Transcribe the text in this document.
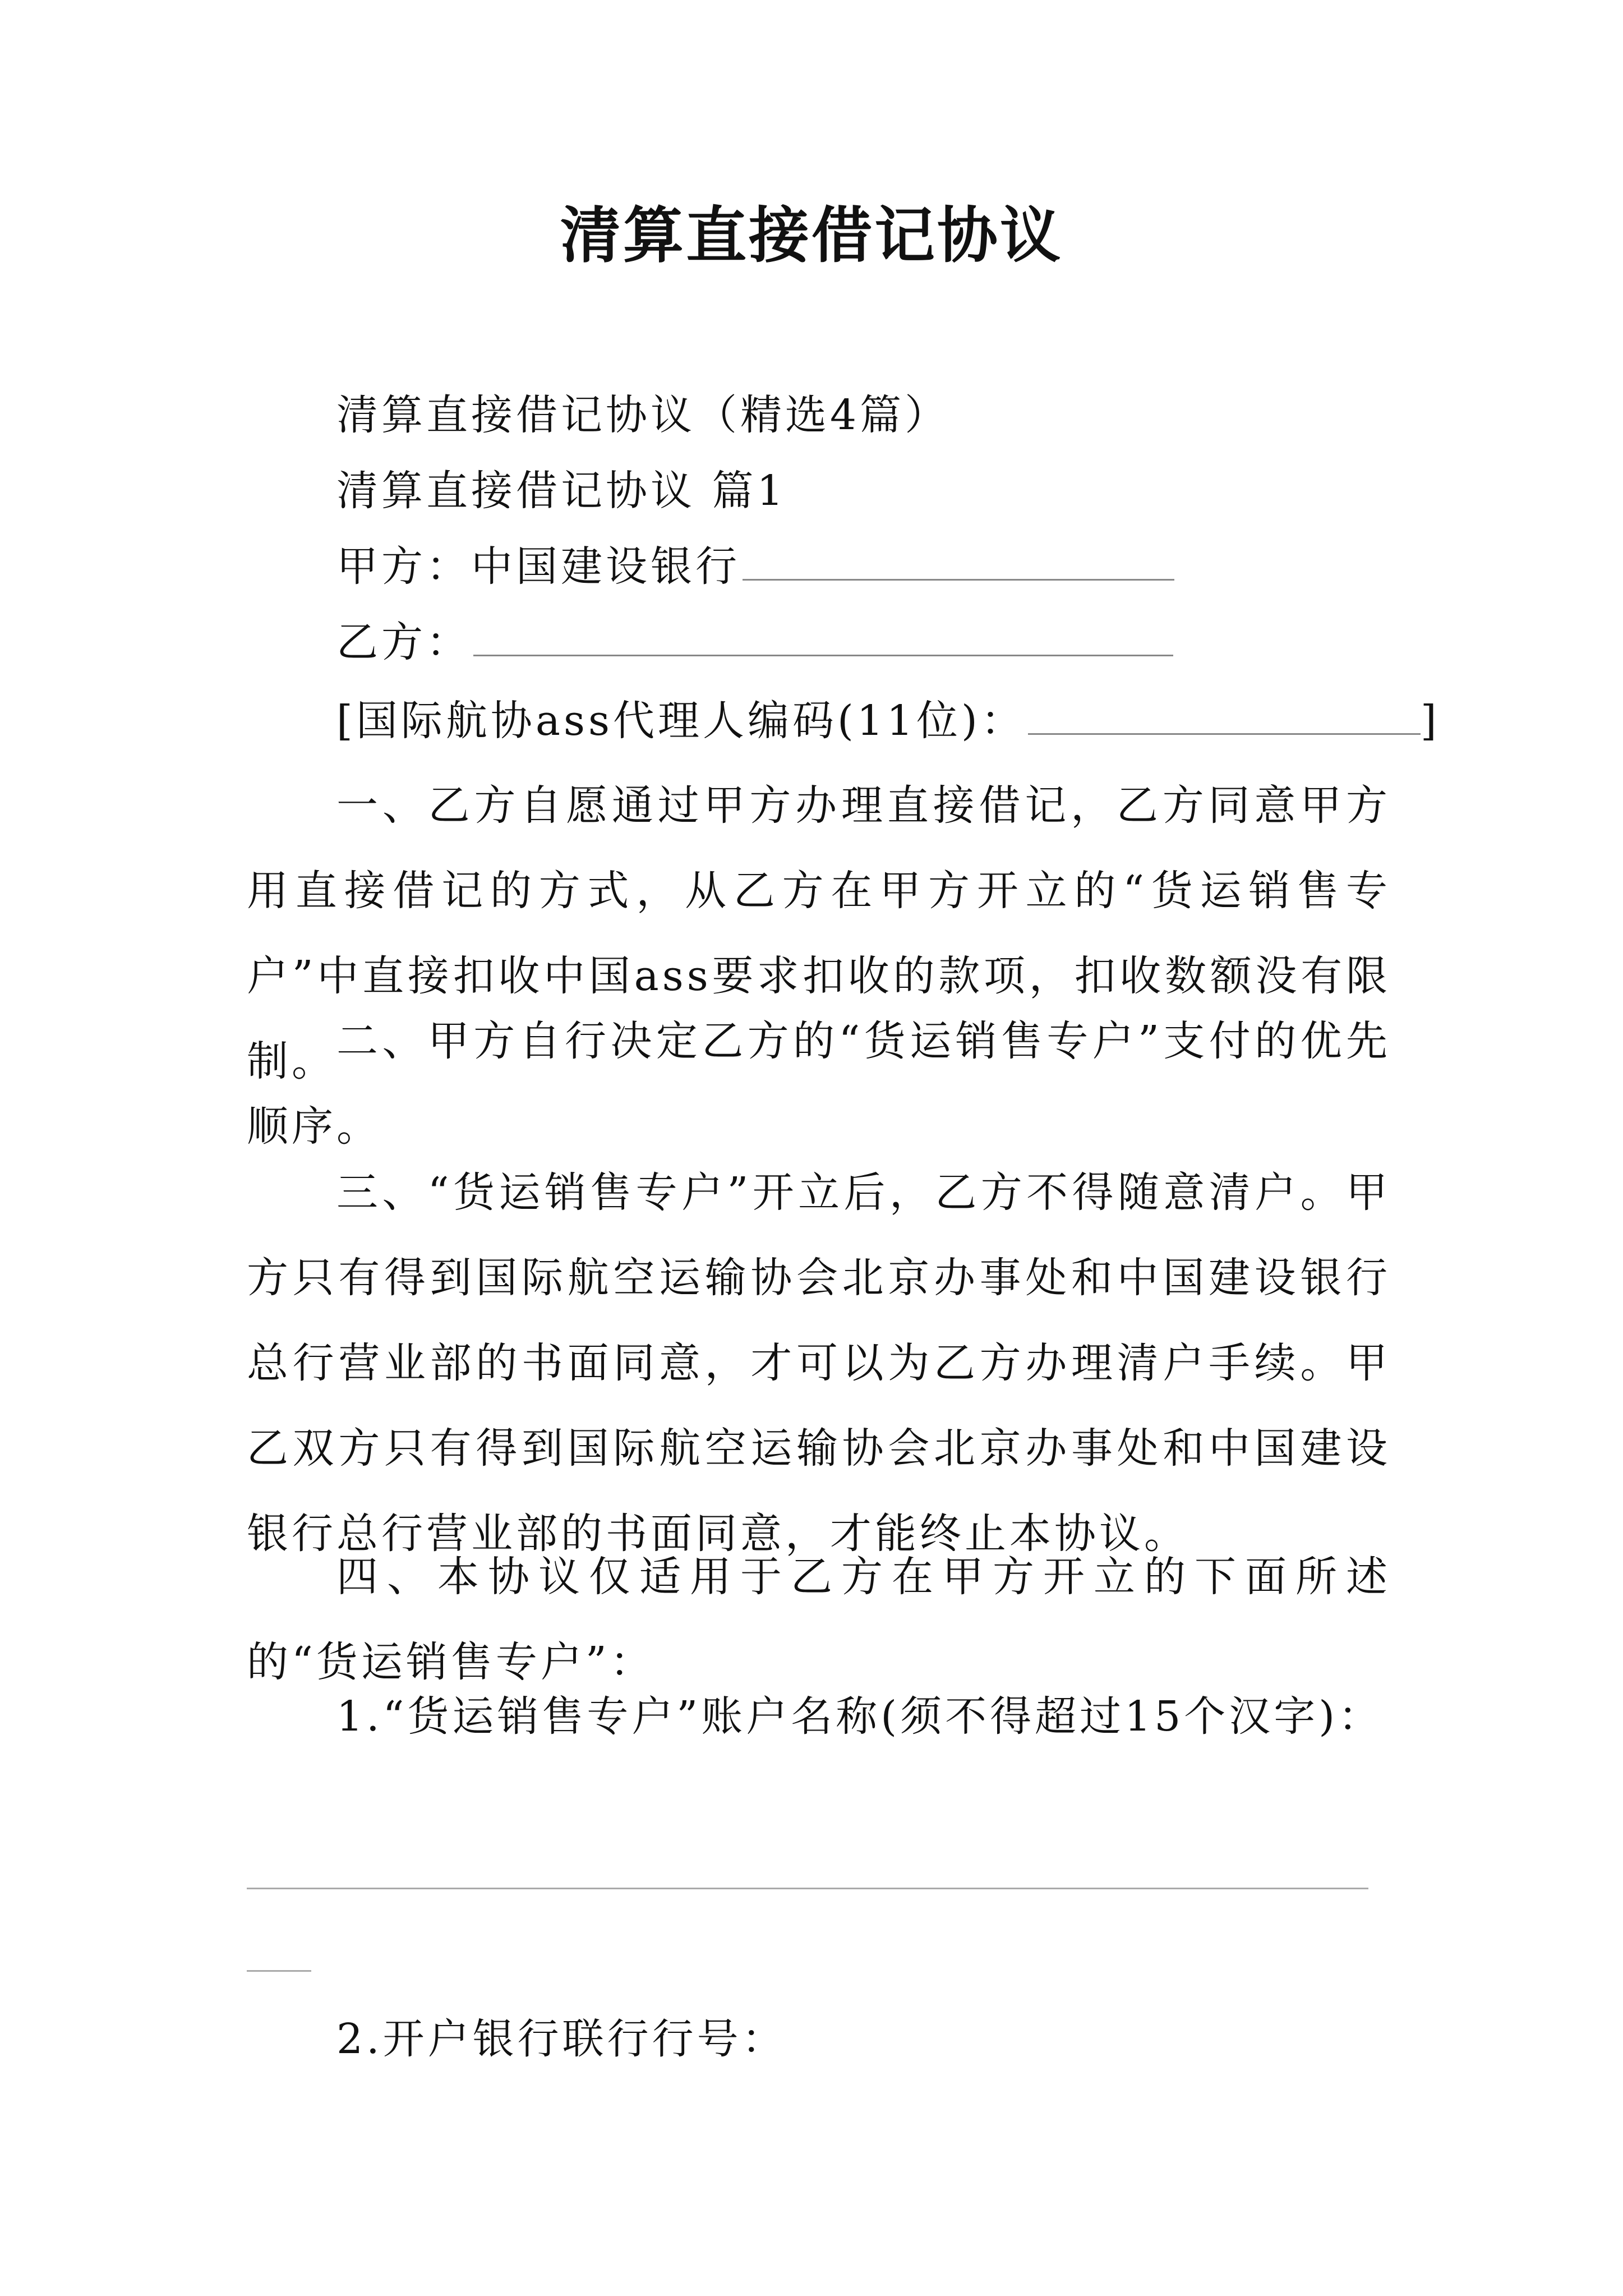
清算直接借记协议
清算直接借记协议（精选4篇）
清算直接借记协议 篇1
甲方：中国建设银行
乙方：
[国际航协ass代理人编码(11位)：	]
一、乙方自愿通过甲方办理直接借记，乙方同意甲方用直接借记的方式，从乙方在甲方开立的“货运销售专户”中直接扣收中国ass要求扣收的款项，扣收数额没有限制。 二、甲方自行决定乙方的“货运销售专户”支付的优先顺序。
三、“货运销售专户”开立后，乙方不得随意清户。甲方只有得到国际航空运输协会北京办事处和中国建设银行总行营业部的书面同意，才可以为乙方办理清户手续。甲乙双方只有得到国际航空运输协会北京办事处和中国建设银行总行营业部的书面同意，才能终止本协议。
四、本协议仅适用于乙方在甲方开立的下面所述的“货运销售专户”：
1.“货运销售专户”账户名称(须不得超过15个汉字)：
2.开户银行联行行号：
